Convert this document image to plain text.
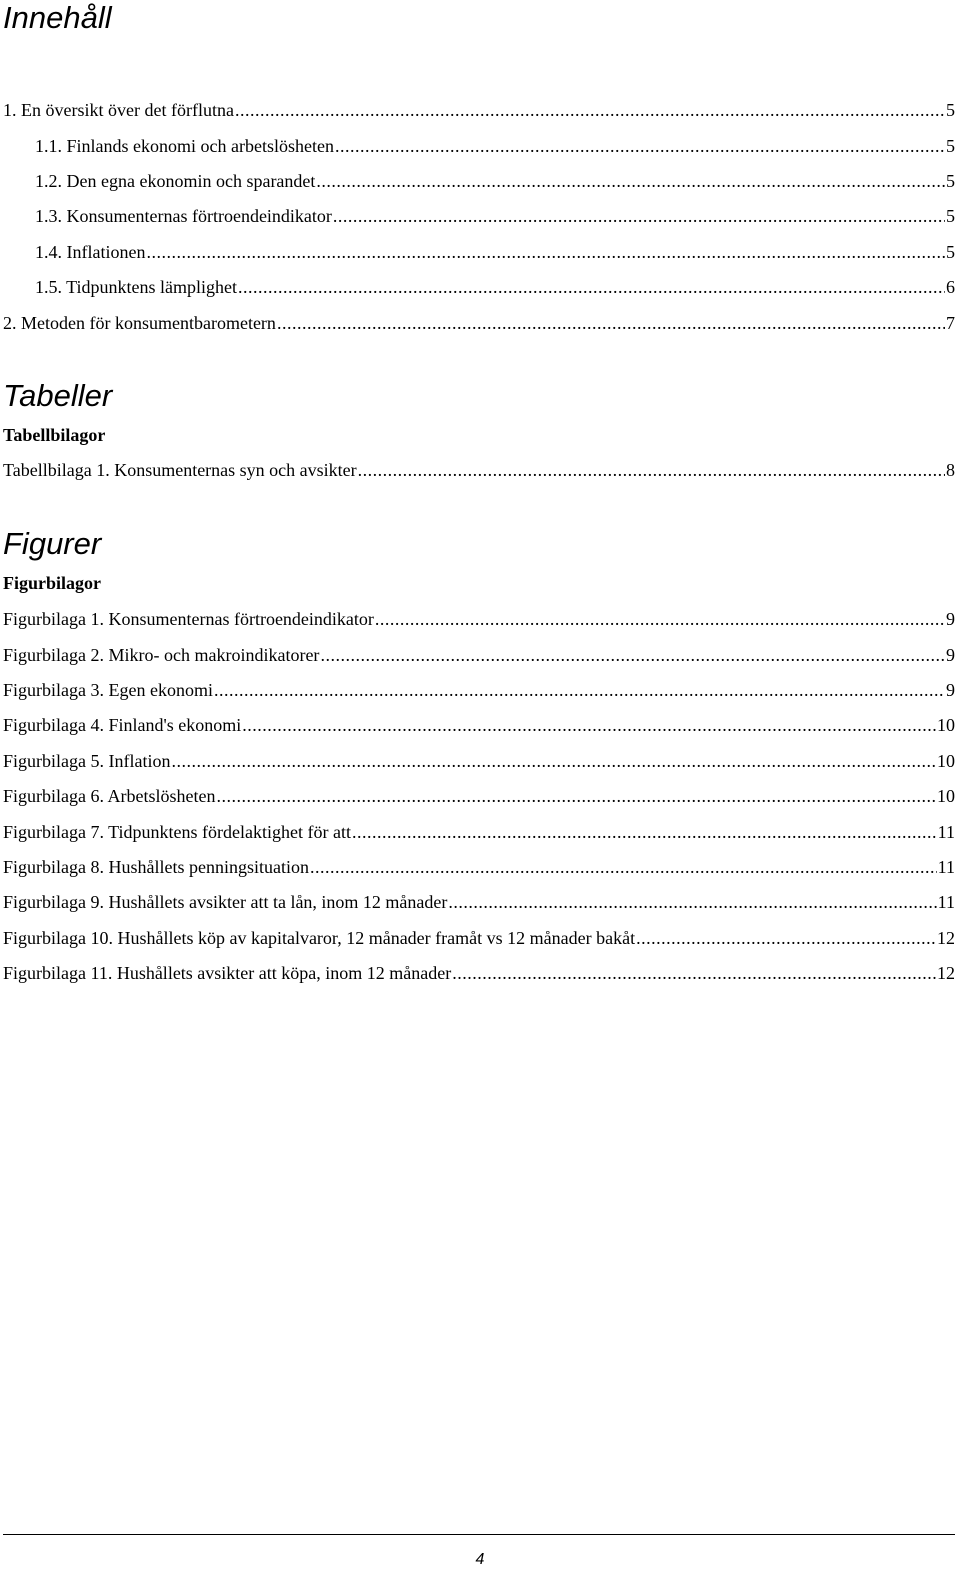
Innehåll
1. En översikt över det förflutna .....	5
1.1. Finlands ekonomi och arbetslösheten .....	5
1.2. Den egna ekonomin och sparandet .....	5
1.3. Konsumenternas förtroendeindikator .....	5
1.4. Inflationen .....	5
1.5. Tidpunktens lämplighet .....	6
2. Metoden för konsumentbarometern .....	7
Tabeller
Tabellbilagor
Tabellbilaga 1. Konsumenternas syn och avsikter .....	8
Figurer
Figurbilagor
Figurbilaga 1. Konsumenternas förtroendeindikator .....	9
Figurbilaga 2. Mikro- och makroindikatorer .....	9
Figurbilaga 3. Egen ekonomi .....	9
Figurbilaga 4. Finland's ekonomi .....	10
Figurbilaga 5. Inflation .....	10
Figurbilaga 6. Arbetslösheten .....	10
Figurbilaga 7. Tidpunktens fördelaktighet för att .....	11
Figurbilaga 8. Hushållets penningsituation .....	11
Figurbilaga 9. Hushållets avsikter att ta lån, inom 12 månader .....	11
Figurbilaga 10. Hushållets köp av kapitalvaror, 12 månader framåt vs 12 månader bakåt .....	12
Figurbilaga 11. Hushållets avsikter att köpa, inom 12 månader .....	12
4
